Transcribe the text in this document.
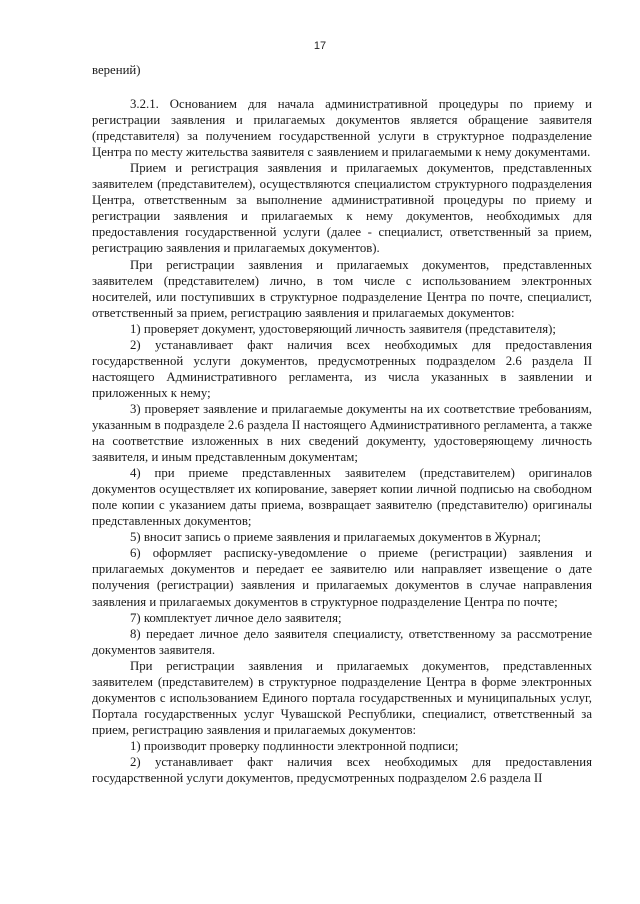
17

верений)

3.2.1. Основанием для начала административной процедуры по приему и регистрации заявления и прилагаемых документов является обращение заявителя (представителя) за получением государственной услуги в структурное подразделение Центра по месту жительства заявителя с заявлением и прилагаемыми к нему документами.

Прием и регистрация заявления и прилагаемых документов, представленных заявителем (представителем), осуществляются специалистом структурного подразделения Центра, ответственным за выполнение административной процедуры по приему и регистрации заявления и прилагаемых к нему документов, необходимых для предоставления государственной услуги (далее - специалист, ответственный за прием, регистрацию заявления и прилагаемых документов).

При регистрации заявления и прилагаемых документов, представленных заявителем (представителем) лично, в том числе с использованием электронных носителей, или поступивших в структурное подразделение Центра по почте, специалист, ответственный за прием, регистрацию заявления и прилагаемых документов:

1) проверяет документ, удостоверяющий личность заявителя (представителя);

2) устанавливает факт наличия всех необходимых для предоставления государственной услуги документов, предусмотренных подразделом 2.6 раздела II настоящего Административного регламента, из числа указанных в заявлении и приложенных к нему;

3) проверяет заявление и прилагаемые документы на их соответствие требованиям, указанным в подразделе 2.6 раздела II настоящего Административного регламента, а также на соответствие изложенных в них сведений документу, удостоверяющему личность заявителя, и иным представленным документам;

4) при приеме представленных заявителем (представителем) оригиналов документов осуществляет их копирование, заверяет копии личной подписью на свободном поле копии с указанием даты приема, возвращает заявителю (представителю) оригиналы представленных документов;

5) вносит запись о приеме заявления и прилагаемых документов в Журнал;

6) оформляет расписку-уведомление о приеме (регистрации) заявления и прилагаемых документов и передает ее заявителю или направляет извещение о дате получения (регистрации) заявления и прилагаемых документов в случае направления заявления и прилагаемых документов в структурное подразделение Центра по почте;

7) комплектует личное дело заявителя;

8) передает личное дело заявителя специалисту, ответственному за рассмотрение документов заявителя.

При регистрации заявления и прилагаемых документов, представленных заявителем (представителем) в структурное подразделение Центра в форме электронных документов с использованием Единого портала государственных и муниципальных услуг, Портала государственных услуг Чувашской Республики, специалист, ответственный за прием, регистрацию заявления и прилагаемых документов:

1) производит проверку подлинности электронной подписи;

2) устанавливает факт наличия всех необходимых для предоставления государственной услуги документов, предусмотренных подразделом 2.6 раздела II
